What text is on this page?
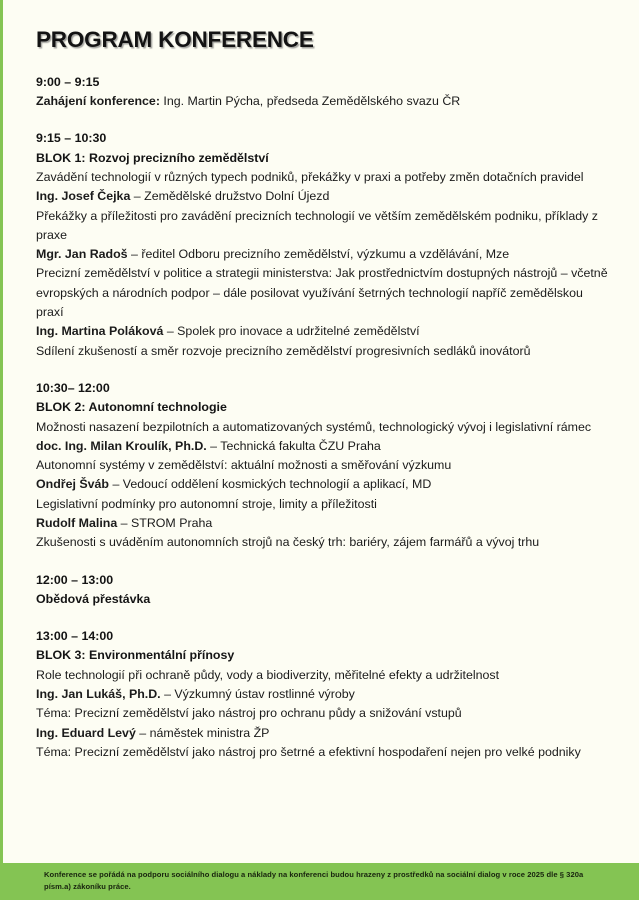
PROGRAM KONFERENCE
9:00 – 9:15
Zahájení konference: Ing. Martin Pýcha, předseda Zemědělského svazu ČR
9:15 – 10:30
BLOK 1: Rozvoj precizního zemědělství
Zavádění technologií v různých typech podniků, překážky v praxi a potřeby změn dotačních pravidel
Ing. Josef Čejka – Zemědělské družstvo Dolní Újezd
Překážky a příležitosti pro zavádění precizních technologií ve větším zemědělském podniku, příklady z praxe
Mgr. Jan Radoš – ředitel Odboru precizního zemědělství, výzkumu a vzdělávání, Mze
Precizní zemědělství v politice a strategii ministerstva: Jak prostřednictvím dostupných nástrojů – včetně evropských a národních podpor – dále posilovat využívání šetrných technologií napříč zemědělskou praxí
Ing. Martina Poláková – Spolek pro inovace a udržitelné zemědělství
Sdílení zkušeností a směr rozvoje precizního zemědělství progresivních sedláků inovátorů
10:30– 12:00
BLOK 2: Autonomní technologie
Možnosti nasazení bezpilotních a automatizovaných systémů, technologický vývoj i legislativní rámec
doc. Ing. Milan Kroulík, Ph.D. – Technická fakulta ČZU Praha
Autonomní systémy v zemědělství: aktuální možnosti a směřování výzkumu
Ondřej Šváb – Vedoucí oddělení kosmických technologií a aplikací, MD
Legislativní podmínky pro autonomní stroje, limity a příležitosti
Rudolf Malina – STROM Praha
Zkušenosti s uváděním autonomních strojů na český trh: bariéry, zájem farmářů a vývoj trhu
12:00 – 13:00
Obědová přestávka
13:00 – 14:00
BLOK 3: Environmentální přínosy
Role technologií při ochraně půdy, vody a biodiverzity, měřitelné efekty a udržitelnost
Ing. Jan Lukáš, Ph.D. – Výzkumný ústav rostlinné výroby
Téma: Precizní zemědělství jako nástroj pro ochranu půdy a snižování vstupů
Ing. Eduard Levý – náměstek ministra ŽP
Téma: Precizní zemědělství jako nástroj pro šetrné a efektivní hospodaření nejen pro velké podniky
Konference se pořádá na podporu sociálního dialogu a náklady na konferenci budou hrazeny z prostředků na sociální dialog v roce 2025 dle § 320a písm.a) zákoníku práce.
